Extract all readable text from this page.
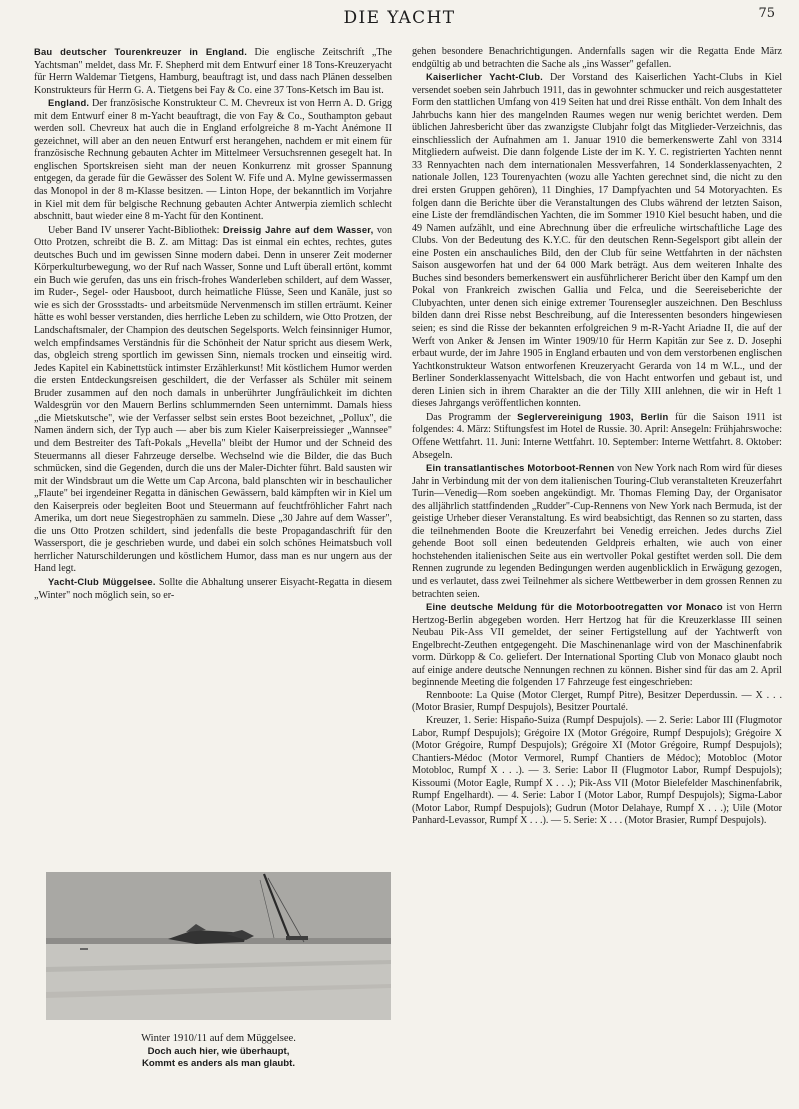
DIE YACHT	75

Bau deutscher Tourenkreuzer in England. Die englische Zeitschrift „The Yachtsman" meldet, dass Mr. F. Shepherd mit dem Entwurf einer 18 Tons-Kreuzeryacht für Herrn Waldemar Tietgens, Hamburg, beauftragt ist, und dass nach Plänen desselben Konstrukteurs für Herrn G. A. Tietgens bei Fay & Co. eine 37 Tons-Ketsch im Bau ist.

England. Der französische Konstrukteur C. M. Chevreux ist von Herrn A. D. Grigg mit dem Entwurf einer 8 m-Yacht beauftragt, die von Fay & Co., Southampton gebaut werden soll. Chevreux hat auch die in England erfolgreiche 8 m-Yacht Anémone II gezeichnet, will aber an den neuen Entwurf erst herangehen, nachdem er mit einem für französische Rechnung gebauten Achter im Mittelmeer Versuchsrennen gesegelt hat. In englischen Sportskreisen sieht man der neuen Konkurrenz mit grosser Spannung entgegen, da gerade für die Gewässer des Solent W. Fife und A. Mylne gewissermassen das Monopol in der 8 m-Klasse besitzen. — Linton Hope, der bekanntlich im Vorjahre in Kiel mit dem für belgische Rechnung gebauten Achter Antwerpia ziemlich schlecht abschnitt, baut wieder eine 8 m-Yacht für den Kontinent.

Ueber Band IV unserer Yacht-Bibliothek: Dreissig Jahre auf dem Wasser, von Otto Protzen, schreibt die B. Z. am Mittag: Das ist einmal ein echtes, rechtes, gutes deutsches Buch und im gewissen Sinne modern dabei. Denn in unserer Zeit moderner Körperkulturbewegung, wo der Ruf nach Wasser, Sonne und Luft überall ertönt, kommt ein Buch wie gerufen, das uns ein frisch-frohes Wanderleben schildert, auf dem Wasser, im Ruder-, Segel- oder Hausboot, durch heimatliche Flüsse, Seen und Kanäle, just so wie es sich der Grossstadts- und arbeitsmüde Nervenmensch im stillen erträumt. Keiner hätte es wohl besser verstanden, dies herrliche Leben zu schildern, wie Otto Protzen, der Landschaftsmaler, der Champion des deutschen Segelsports. Welch feinsinniger Humor, welch empfindsames Verständnis für die Schönheit der Natur spricht aus diesem Werk, das, obgleich streng sportlich im gewissen Sinn, niemals trocken und einseitig wird. Jedes Kapitel ein Kabinettstück intimster Erzählerkunst! Mit köstlichem Humor werden die ersten Entdeckungsreisen geschildert, die der Verfasser als Schüler mit seinem Bruder zusammen auf den noch damals in unberührter Jungfräulichkeit im dichten Waldesgrün vor den Mauern Berlins schlummernden Seen unternimmt. Damals hiess „die Mietskutsche", wie der Verfasser selbst sein erstes Boot bezeichnet, „Pollux", die Namen ändern sich, der Typ auch — aber bis zum Kieler Kaiserpreissieger „Wannsee" und dem Bestreiter des Taft-Pokals „Hevella" bleibt der Humor und der Schneid des Steuermanns all dieser Fahrzeuge derselbe. Wechselnd wie die Bilder, die das Buch schmücken, sind die Gegenden, durch die uns der Maler-Dichter führt. Bald sausten wir mit der Windsbraut um die Wette um Cap Arcona, bald planschten wir in beschaulicher „Flaute" bei irgendeiner Regatta in dänischen Gewässern, bald kämpften wir in Kiel um den Kaiserpreis oder begleiten Boot und Steuermann auf feuchtfröhlicher Fahrt nach Amerika, um dort neue Siegestrophäen zu sammeln. Diese „30 Jahre auf dem Wasser", die uns Otto Protzen schildert, sind jedenfalls die beste Propagandaschrift für den Wassersport, die je geschrieben wurde, und dabei ein solch schönes Heimatsbuch voll herrlicher Naturschilderungen und köstlichem Humor, dass man es nur ungern aus der Hand legt.

Yacht-Club Müggelsee. Sollte die Abhaltung unserer Eisyacht-Regatta in diesem „Winter" noch möglich sein, so er-

gehen besondere Benachrichtigungen. Andernfalls sagen wir die Regatta Ende März endgültig ab und betrachten die Sache als „ins Wasser" gefallen.

Kaiserlicher Yacht-Club. Der Vorstand des Kaiserlichen Yacht-Clubs in Kiel versendet soeben sein Jahrbuch 1911, das in gewohnter schmucker und reich ausgestatteter Form den stattlichen Umfang von 419 Seiten hat und drei Risse enthält. Von dem Inhalt des Jahrbuchs kann hier des mangelnden Raumes wegen nur wenig berichtet werden. Dem üblichen Jahresbericht über das zwanzigste Clubjahr folgt das Mitglieder-Verzeichnis, das einschliesslich der Aufnahmen am 1. Januar 1910 die bemerkenswerte Zahl von 3314 Mitgliedern aufweist. Die dann folgende Liste der im K. Y. C. registrierten Yachten nennt 33 Rennyachten nach dem internationalen Messverfahren, 14 Sonderklassenyachten, 2 nationale Jollen, 123 Tourenyachten (wozu alle Yachten gerechnet sind, die nicht zu den drei ersten Gruppen gehören), 11 Dinghies, 17 Dampfyachten und 54 Motoryachten. Es folgen dann die Berichte über die Veranstaltungen des Clubs während der letzten Saison, eine Liste der fremdländischen Yachten, die im Sommer 1910 Kiel besucht haben, und die 49 Namen aufzählt, und eine Abrechnung über die erfreuliche wirtschaftliche Lage des Clubs. Von der Bedeutung des K.Y.C. für den deutschen Renn-Segelsport gibt allein der eine Posten ein anschauliches Bild, den der Club für seine Wettfahrten in der nächsten Saison ausgeworfen hat und der 64 000 Mark beträgt. Aus dem weiteren Inhalte des Buches sind besonders bemerkenswert ein ausführlicherer Bericht über den Kampf um den Pokal von Frankreich zwischen Gallia und Felca, und die Seereiseberichte der Clubyachten, unter denen sich einige extremer Tourensegler auszeichnen. Den Beschluss bilden dann drei Risse nebst Beschreibung, auf die Interessenten besonders hingewiesen seien; es sind die Risse der bekannten erfolgreichen 9 m-R-Yacht Ariadne II, die auf der Werft von Anker & Jensen im Winter 1909/10 für Herrn Kapitän zur See z. D. Josephi erbaut wurde, der im Jahre 1905 in England erbauten und von dem verstorbenen englischen Yachtkonstrukteur Watson entworfenen Kreuzeryacht Gerarda von 14 m W.L., und der Berliner Sonderklassenyacht Wittelsbach, die von Hacht entworfen und gebaut ist, und deren Linien sich in ihrem Charakter an die der Tilly XIII anlehnen, die wir in Heft 1 dieses Jahrgangs veröffentlichen konnten.

Das Programm der Seglervereinigung 1903, Berlin für die Saison 1911 ist folgendes: 4. März: Stiftungsfest im Hotel de Russie. 30. April: Ansegeln: Frühjahrswoche: Offene Wettfahrt. 11. Juni: Interne Wettfahrt. 10. September: Interne Wettfahrt. 8. Oktober: Absegeln.

Ein transatlantisches Motorboot-Rennen von New York nach Rom wird für dieses Jahr in Verbindung mit der von dem italienischen Touring-Club veranstalteten Kreuzerfahrt Turin—Venedig—Rom soeben angekündigt. Mr. Thomas Fleming Day, der Organisator des alljährlich stattfindenden „Rudder"-Cup-Rennens von New York nach Bermuda, ist der geistige Urheber dieser Veranstaltung. Es wird beabsichtigt, das Rennen so zu starten, dass die teilnehmenden Boote die Kreuzerfahrt bei Venedig erreichen. Jedes durchs Ziel gehende Boot soll einen bedeutenden Geldpreis erhalten, wie auch von einer hochstehenden italienischen Seite aus ein wertvoller Pokal gestiftet werden soll. Die dem Rennen zugrunde zu legenden Bedingungen werden augenblicklich in Erwägung gezogen, und es verlautet, dass zwei Teilnehmer als sichere Wettbewerber in dem grossen Rennen zu betrachten seien.

Eine deutsche Meldung für die Motorbootregatten vor Monaco ist von Herrn Hertzog-Berlin abgegeben worden. Herr Hertzog hat für die Kreuzerklasse III seinen Neubau Pik-Ass VII gemeldet, der seiner Fertigstellung auf der Yachtwerft von Engelbrecht-Zeuthen entgegengeht. Die Maschinenanlage wird von der Maschinenfabrik vorm. Dürkopp & Co. geliefert. Der International Sporting Club von Monaco glaubt noch auf einige andere deutsche Nennungen rechnen zu können. Bisher sind für das am 2. April beginnende Meeting die folgenden 17 Fahrzeuge fest eingeschrieben:

Rennboote: La Quise (Motor Clerget, Rumpf Pitre), Besitzer Deperdussin. — X . . . (Motor Brasier, Rumpf Despujols), Besitzer Pourtalé.

Kreuzer, 1. Serie: Hispaño-Suiza (Rumpf Despujols). — 2. Serie: Labor III (Flugmotor Labor, Rumpf Despujols); Grégoire IX (Motor Grégoire, Rumpf Despujols); Grégoire X (Motor Grégoire, Rumpf Despujols); Grégoire XI (Motor Grégoire, Rumpf Despujols); Chantiers-Médoc (Motor Vermorel, Rumpf Chantiers de Médoc); Motobloc (Motor Motobloc, Rumpf X . . .). — 3. Serie: Labor II (Flugmotor Labor, Rumpf Despujols); Kissoumi (Motor Eagle, Rumpf X . . .); Pik-Ass VII (Motor Bielefelder Maschinenfabrik, Rumpf Engelhardt). — 4. Serie: Labor I (Motor Labor, Rumpf Despujols); Sigma-Labor (Motor Labor, Rumpf Despujols); Gudrun (Motor Delahaye, Rumpf X . . .); Uile (Motor Panhard-Levassor, Rumpf X . . .). — 5. Serie: X . . . (Motor Brasier, Rumpf Despujols).

Winter 1910/11 auf dem Müggelsee.
Doch auch hier, wie überhaupt,
Kommt es anders als man glaubt.
